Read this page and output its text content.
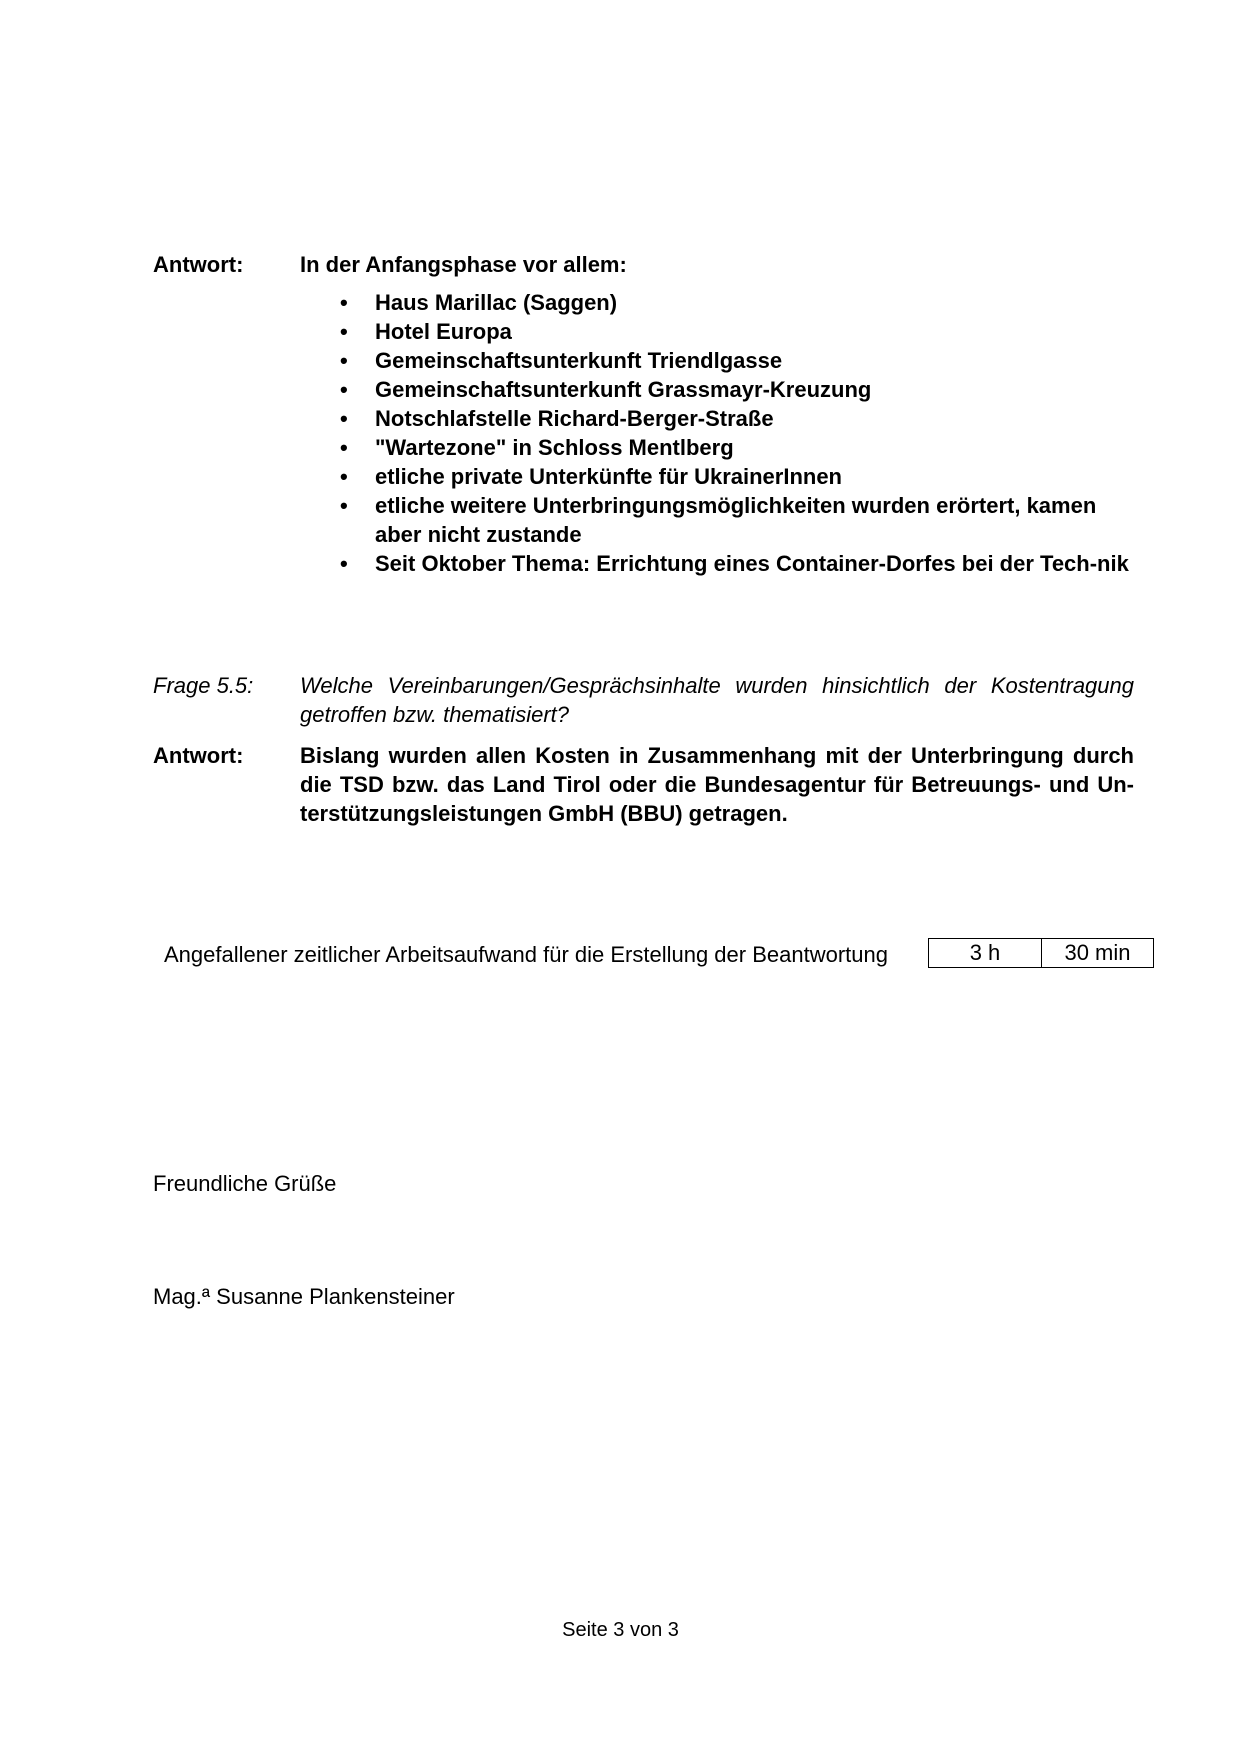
Antwort:	In der Anfangsphase vor allem:
• Haus Marillac (Saggen)
• Hotel Europa
• Gemeinschaftsunterkunft Triendlgasse
• Gemeinschaftsunterkunft Grassmayr-Kreuzung
• Notschlafstelle Richard-Berger-Straße
• "Wartezone" in Schloss Mentlberg
• etliche private Unterkünfte für UkrainerInnen
• etliche weitere Unterbringungsmöglichkeiten wurden erörtert, kamen aber nicht zustande
• Seit Oktober Thema: Errichtung eines Container-Dorfes bei der Tech-nik
Frage 5.5: Welche Vereinbarungen/Gesprächsinhalte wurden hinsichtlich der Kostentragung getroffen bzw. thematisiert?
Antwort:	Bislang wurden allen Kosten in Zusammenhang mit der Unterbringung durch die TSD bzw. das Land Tirol oder die Bundesagentur für Betreuungs- und Un-terstützungsleistungen GmbH (BBU) getragen.
Angefallener zeitlicher Arbeitsaufwand für die Erstellung der Beantwortung	3 h	30 min
Freundliche Grüße
Mag.ª Susanne Plankensteiner
Seite 3 von 3
